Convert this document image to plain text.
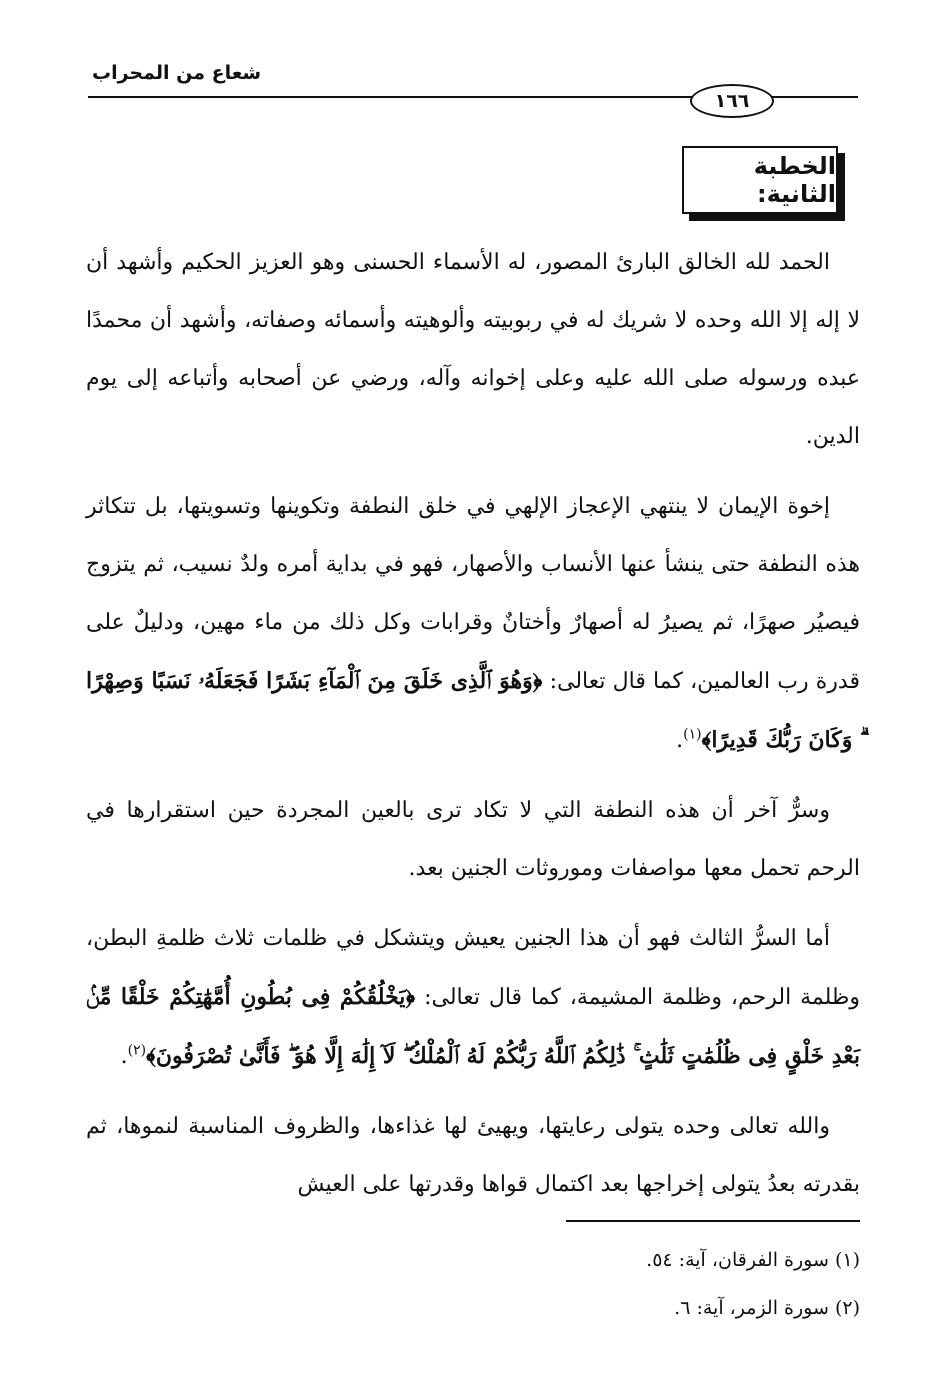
شعاع من المحراب
١٦٦
الخطبة الثانية:

الحمد لله الخالق البارئ المصور، له الأسماء الحسنى وهو العزيز الحكيم وأشهد أن لا إله إلا الله وحده لا شريك له في ربوبيته وألوهيته وأسمائه وصفاته، وأشهد أن محمدًا عبده ورسوله صلى الله عليه وعلى إخوانه وآله، ورضي عن أصحابه وأتباعه إلى يوم الدين.

إخوة الإيمان لا ينتهي الإعجاز الإلهي في خلق النطفة وتكوينها وتسويتها، بل تتكاثر هذه النطفة حتى ينشأ عنها الأنساب والأصهار، فهو في بداية أمره ولدٌ نسيب، ثم يتزوج فيصيُر صهرًا، ثم يصيرُ له أصهارٌ وأختانٌ وقرابات وكل ذلك من ماء مهين، ودليلٌ على قدرة رب العالمين، كما قال تعالى: ﴿وَهُوَ ٱلَّذِى خَلَقَ مِنَ ٱلْمَآءِ بَشَرًا فَجَعَلَهُۥ نَسَبًا وَصِهْرًا ۗ وَكَانَ رَبُّكَ قَدِيرًا﴾$^{(١)}$.

وسرٌّ آخر أن هذه النطفة التي لا تكاد ترى بالعين المجردة حين استقرارها في الرحم تحمل معها مواصفات وموروثات الجنين بعد.

أما السرُّ الثالث فهو أن هذا الجنين يعيش ويتشكل في ظلمات ثلاث ظلمةِ البطن، وظلمة الرحم، وظلمة المشيمة، كما قال تعالى: ﴿يَخْلُقُكُمْ فِى بُطُونِ أُمَّهَٰتِكُمْ خَلْقًا مِّنۢ بَعْدِ خَلْقٍ فِى ظُلُمَٰتٍ ثَلَٰثٍ ۚ ذَٰلِكُمُ ٱللَّهُ رَبُّكُمْ لَهُ ٱلْمُلْكُ ۖ لَآ إِلَٰهَ إِلَّا هُوَ ۖ فَأَنَّىٰ تُصْرَفُونَ﴾$^{(٢)}$.

والله تعالى وحده يتولى رعايتها، ويهيئ لها غذاءها، والظروف المناسبة لنموها، ثم بقدرته بعدُ يتولى إخراجها بعد اكتمال قواها وقدرتها على العيش

(١) سورة الفرقان، آية: ٥٤.

(٢) سورة الزمر، آية: ٦.
